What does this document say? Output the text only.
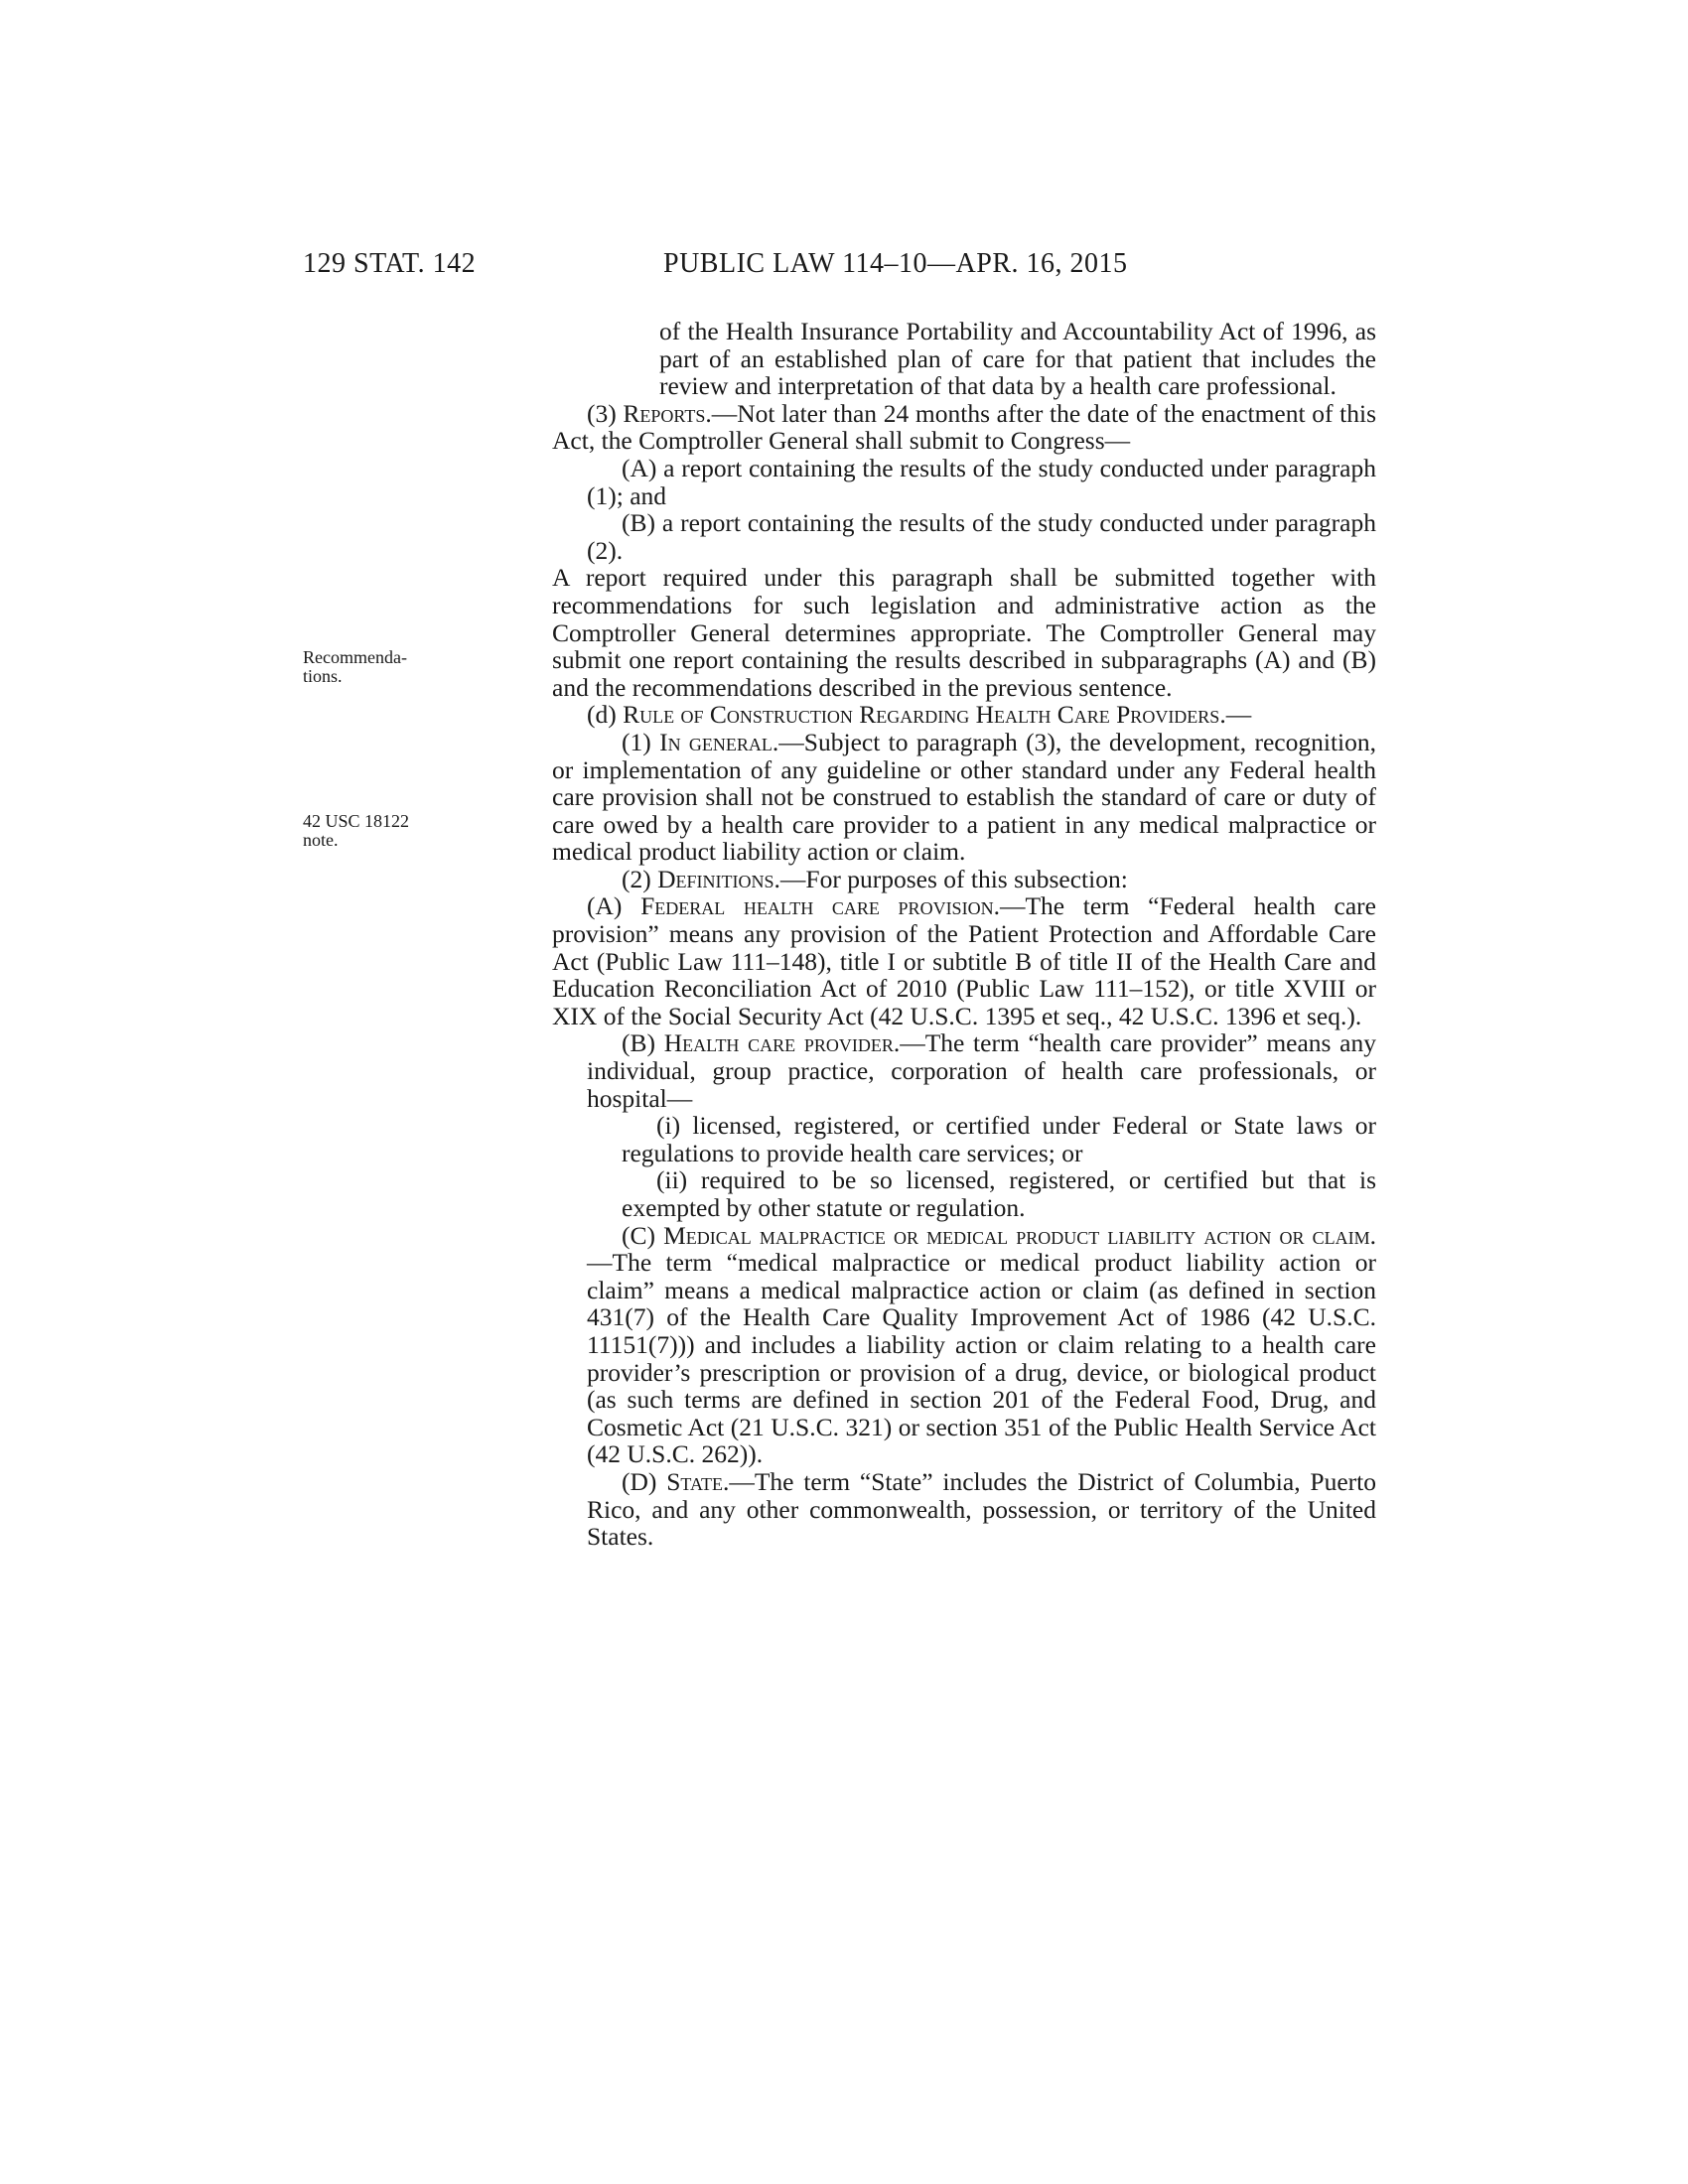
129 STAT. 142	PUBLIC LAW 114–10—APR. 16, 2015
Recommenda-
tions.
42 USC 18122
note.

of the Health Insurance Portability and Accountability Act of 1996, as part of an established plan of care for that patient that includes the review and interpretation of that data by a health care professional.

(3) Reports.—Not later than 24 months after the date of the enactment of this Act, the Comptroller General shall submit to Congress—

(A) a report containing the results of the study conducted under paragraph (1); and

(B) a report containing the results of the study conducted under paragraph (2).

A report required under this paragraph shall be submitted together with recommendations for such legislation and administrative action as the Comptroller General determines appropriate. The Comptroller General may submit one report containing the results described in subparagraphs (A) and (B) and the recommendations described in the previous sentence.

(d) Rule of Construction Regarding Health Care Providers.—

(1) In general.—Subject to paragraph (3), the development, recognition, or implementation of any guideline or other standard under any Federal health care provision shall not be construed to establish the standard of care or duty of care owed by a health care provider to a patient in any medical malpractice or medical product liability action or claim.

(2) Definitions.—For purposes of this subsection:

(A) Federal health care provision.—The term “Federal health care provision” means any provision of the Patient Protection and Affordable Care Act (Public Law 111–148), title I or subtitle B of title II of the Health Care and Education Reconciliation Act of 2010 (Public Law 111–152), or title XVIII or XIX of the Social Security Act (42 U.S.C. 1395 et seq., 42 U.S.C. 1396 et seq.).

(B) Health care provider.—The term “health care provider” means any individual, group practice, corporation of health care professionals, or hospital—

(i) licensed, registered, or certified under Federal or State laws or regulations to provide health care services; or

(ii) required to be so licensed, registered, or certified but that is exempted by other statute or regulation.

(C) Medical malpractice or medical product liability action or claim.—The term “medical malpractice or medical product liability action or claim” means a medical malpractice action or claim (as defined in section 431(7) of the Health Care Quality Improvement Act of 1986 (42 U.S.C. 11151(7))) and includes a liability action or claim relating to a health care provider’s prescription or provision of a drug, device, or biological product (as such terms are defined in section 201 of the Federal Food, Drug, and Cosmetic Act (21 U.S.C. 321) or section 351 of the Public Health Service Act (42 U.S.C. 262)).

(D) State.—The term “State” includes the District of Columbia, Puerto Rico, and any other commonwealth, possession, or territory of the United States.
